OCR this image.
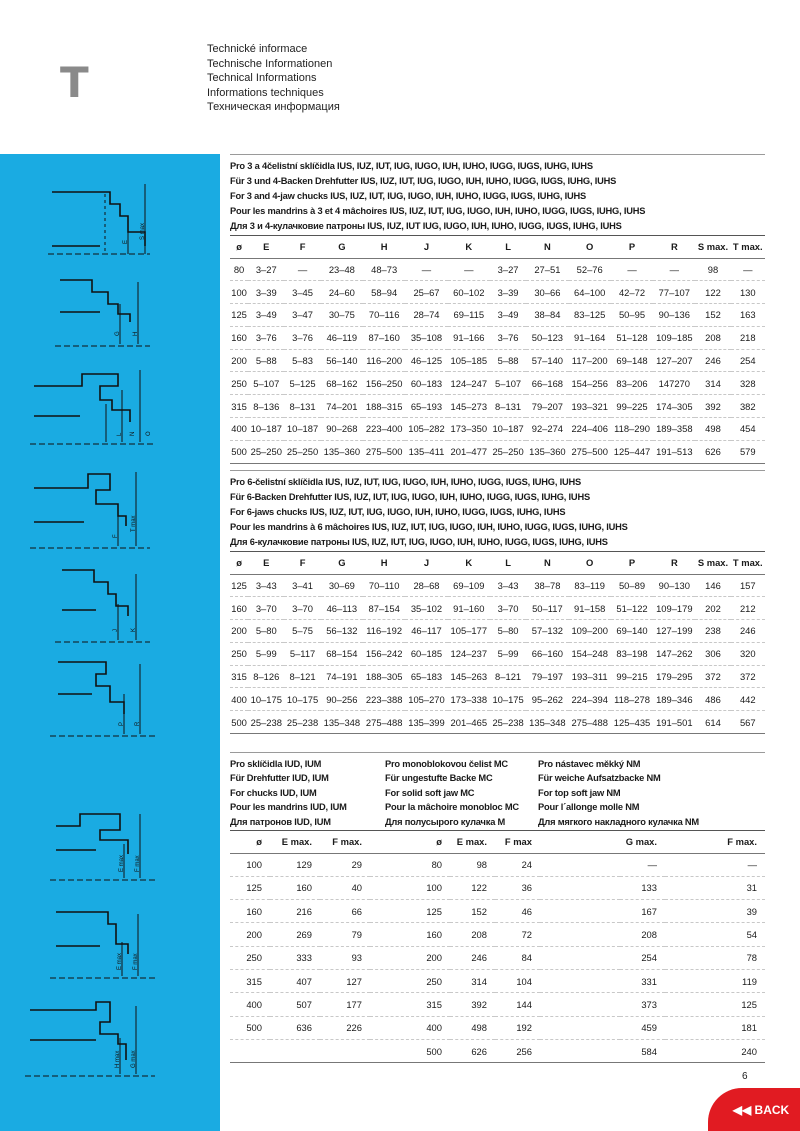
T
Technické informace
Technische Informationen
Technical Informations
Informations techniques
Техническая информация
E
S max
G H
L N O
F
T max
J K
P R
E max F max
E max F max
H max G max
Pro 3 a 4čelistní sklíčidla IUS, IUZ, IUT, IUG, IUGO, IUH, IUHO, IUGG, IUGS, IUHG, IUHS
Für 3 und 4-Backen Drehfutter IUS, IUZ, IUT, IUG, IUGO, IUH, IUHO, IUGG, IUGS, IUHG, IUHS
For 3 and 4-jaw chucks IUS, IUZ, IUT, IUG, IUGO, IUH, IUHO, IUGG, IUGS, IUHG, IUHS
Pour les mandrins à 3 et 4 mâchoires IUS, IUZ, IUT, IUG, IUGO, IUH, IUHO, IUGG, IUGS, IUHG, IUHS
Для 3 и 4-кулачковие патроны IUS, IUZ, IUT IUG, IUGO, IUH, IUHO, IUGG, IUGS, IUHG, IUHS
ø	E	F	G	H	J	K	L	N	O	P	R	S max.	T max.
80	3–27	—	23–48	48–73	—	—	3–27	27–51	52–76	—	—	98	—
100	3–39	3–45	24–60	58–94	25–67	60–102	3–39	30–66	64–100	42–72	77–107	122	130
125	3–49	3–47	30–75	70–116	28–74	69–115	3–49	38–84	83–125	50–95	90–136	152	163
160	3–76	3–76	46–119	87–160	35–108	91–166	3–76	50–123	91–164	51–128	109–185	208	218
200	5–88	5–83	56–140	116–200	46–125	105–185	5–88	57–140	117–200	69–148	127–207	246	254
250	5–107	5–125	68–162	156–250	60–183	124–247	5–107	66–168	154–256	83–206	147270	314	328
315	8–136	8–131	74–201	188–315	65–193	145–273	8–131	79–207	193–321	99–225	174–305	392	382
400	10–187	10–187	90–268	223–400	105–282	173–350	10–187	92–274	224–406	118–290	189–358	498	454
500	25–250	25–250	135–360	275–500	135–411	201–477	25–250	135–360	275–500	125–447	191–513	626	579
Pro 6-čelistní sklíčidla IUS, IUZ, IUT, IUG, IUGO, IUH, IUHO, IUGG, IUGS, IUHG, IUHS
Für 6-Backen Drehfutter IUS, IUZ, IUT, IUG, IUGO, IUH, IUHO, IUGG, IUGS, IUHG, IUHS
For 6-jaws chucks IUS, IUZ, IUT, IUG, IUGO, IUH, IUHO, IUGG, IUGS, IUHG, IUHS
Pour les mandrins à 6 mâchoires IUS, IUZ, IUT, IUG, IUGO, IUH, IUHO, IUGG, IUGS, IUHG, IUHS
Для 6-кулачковие патроны IUS, IUZ, IUT, IUG, IUGO, IUH, IUHO, IUGG, IUGS, IUHG, IUHS
ø	E	F	G	H	J	K	L	N	O	P	R	S max.	T max.
125	3–43	3–41	30–69	70–110	28–68	69–109	3–43	38–78	83–119	50–89	90–130	146	157
160	3–70	3–70	46–113	87–154	35–102	91–160	3–70	50–117	91–158	51–122	109–179	202	212
200	5–80	5–75	56–132	116–192	46–117	105–177	5–80	57–132	109–200	69–140	127–199	238	246
250	5–99	5–117	68–154	156–242	60–185	124–237	5–99	66–160	154–248	83–198	147–262	306	320
315	8–126	8–121	74–191	188–305	65–183	145–263	8–121	79–197	193–311	99–215	179–295	372	372
400	10–175	10–175	90–256	223–388	105–270	173–338	10–175	95–262	224–394	118–278	189–346	486	442
500	25–238	25–238	135–348	275–488	135–399	201–465	25–238	135–348	275–488	125–435	191–501	614	567
Pro sklíčidla IUD, IUM
Für Drehfutter IUD, IUM
For chucks IUD, IUM
Pour les mandrins IUD, IUM
Для патронов IUD, IUM
Pro monoblokovou čelist MC
Für ungestufte Backe MC
For solid soft jaw MC
Pour la mâchoire monobloc MC
Для полусырого кулачка M
Pro nástavec měkký NM
Für weiche Aufsatzbacke NM
For top soft jaw NM
Pour l´allonge molle NM
Для мягкого накладного кулачка NM
ø	E max.	F max.	ø	E max.	F max		G max.	F max.
100	129	29	80	98	24		—	—
125	160	40	100	122	36		133	31
160	216	66	125	152	46		167	39
200	269	79	160	208	72		208	54
250	333	93	200	246	84		254	78
315	407	127	250	314	104		331	119
400	507	177	315	392	144		373	125
500	636	226	400	498	192		459	181
			500	626	256		584	240
6
◀◀ BACK
